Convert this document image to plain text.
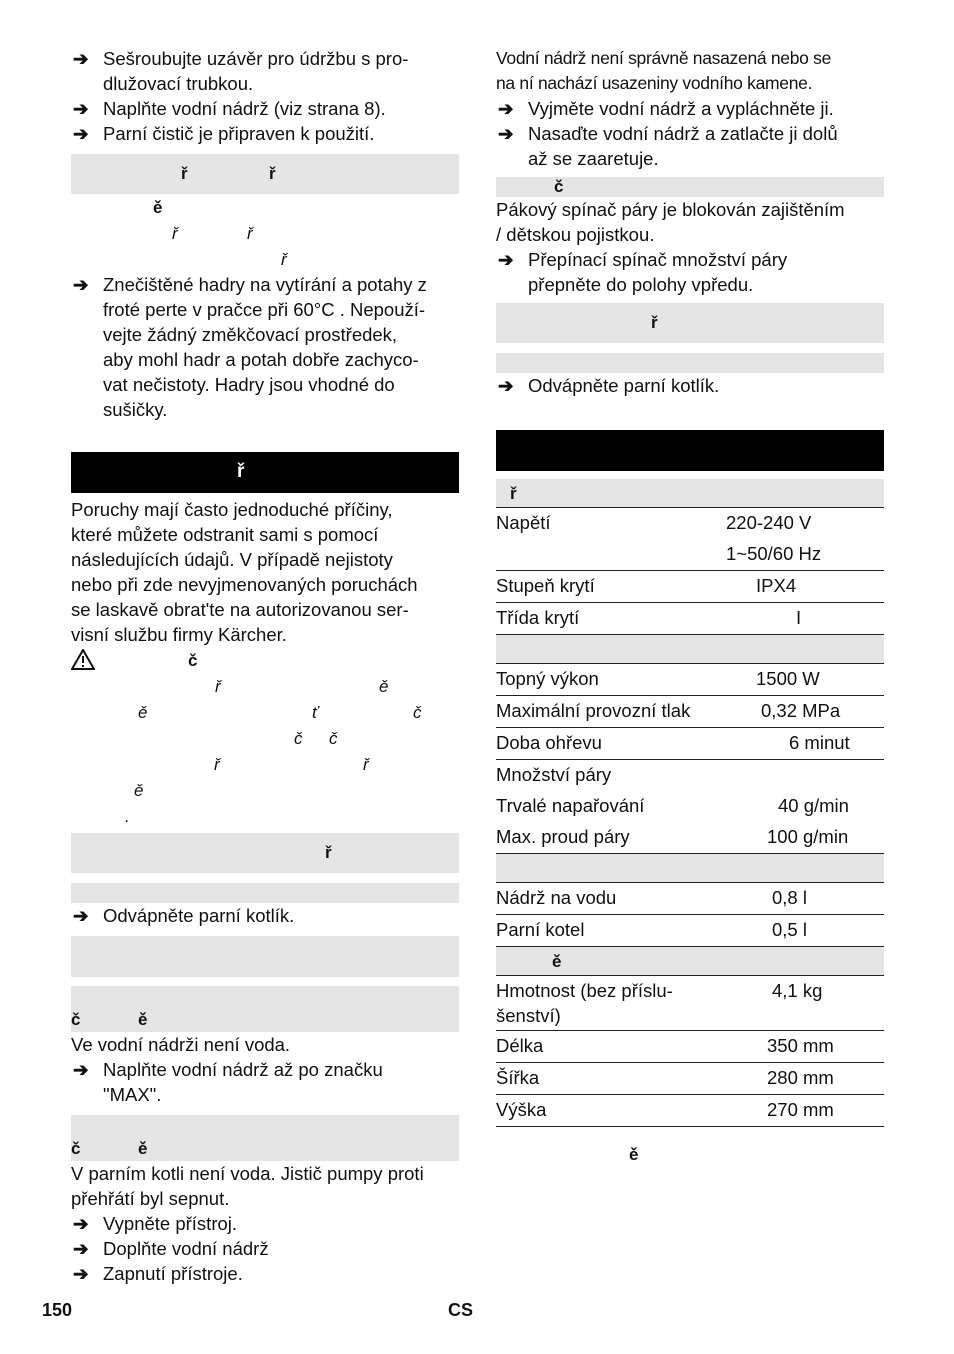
➔ Sešroubujte uzávěr pro údržbu s pro-
dlužovací trubkou.

➔ Naplňte vodní nádrž (viz strana 8).

➔ Parní čistič je připraven k použití.

ř	ř
ě
ř	ř
ř
➔ Znečištěné hadry na vytírání a potahy z
froté perte v pračce při 60°C . Nepouží-
vejte žádný změkčovací prostředek,
aby mohl hadr a potah dobře zachyco-
vat nečistoty. Hadry jsou vhodné do
sušičky.

ř

Poruchy mají často jednoduché příčiny,
které můžete odstranit sami s pomocí
následujících údajů. V případě nejistoty
nebo při zde nevyjmenovaných poruchách
se laskavě obrat'te na autorizovanou ser-
visní službu firmy Kärcher.

č
ř	ě
ě	ť	č
č č
ř	ř
ě
.
ř
➔ Odvápněte parní kotlík.

č	ě

Ve vodní nádrži není voda.

➔ Naplňte vodní nádrž až po značku
"MAX".

č	ě

V parním kotli není voda. Jistič pumpy proti
přehřátí byl sepnut.

➔ Vypněte přístroj.

➔ Doplňte vodní nádrž

➔ Zapnutí přístroje.

Vodní nádrž není správně nasazená nebo se
na ní nachází usazeniny vodního kamene.

➔ Vyjměte vodní nádrž a vypláchněte ji.

➔ Nasaďte vodní nádrž a zatlačte ji dolů
až se zaaretuje.

č

Pákový spínač páry je blokován zajištěním
/ dětskou pojistkou.

➔ Přepínací spínač množství páry
přepněte do polohy vpředu.

ř
➔ Odvápněte parní kotlík.

ř	
Napětí	220-240 V
	1~50/60 Hz
Stupeň krytí	IPX4
Třída krytí	I

Topný výkon	1500 W
Maximální provozní tlak	0,32 MPa
Doba ohřevu	6 minut
Množství páry	
Trvalé napařování	40 g/min
Max. proud páry	100 g/min

Nádrž na vodu	0,8 l
Parní kotel	0,5 l
ě	
Hmotnost (bez příslu-
šenství)	4,1 kg
Délka	350 mm
Šířka	280 mm
Výška	270 mm
ě
150	CS
